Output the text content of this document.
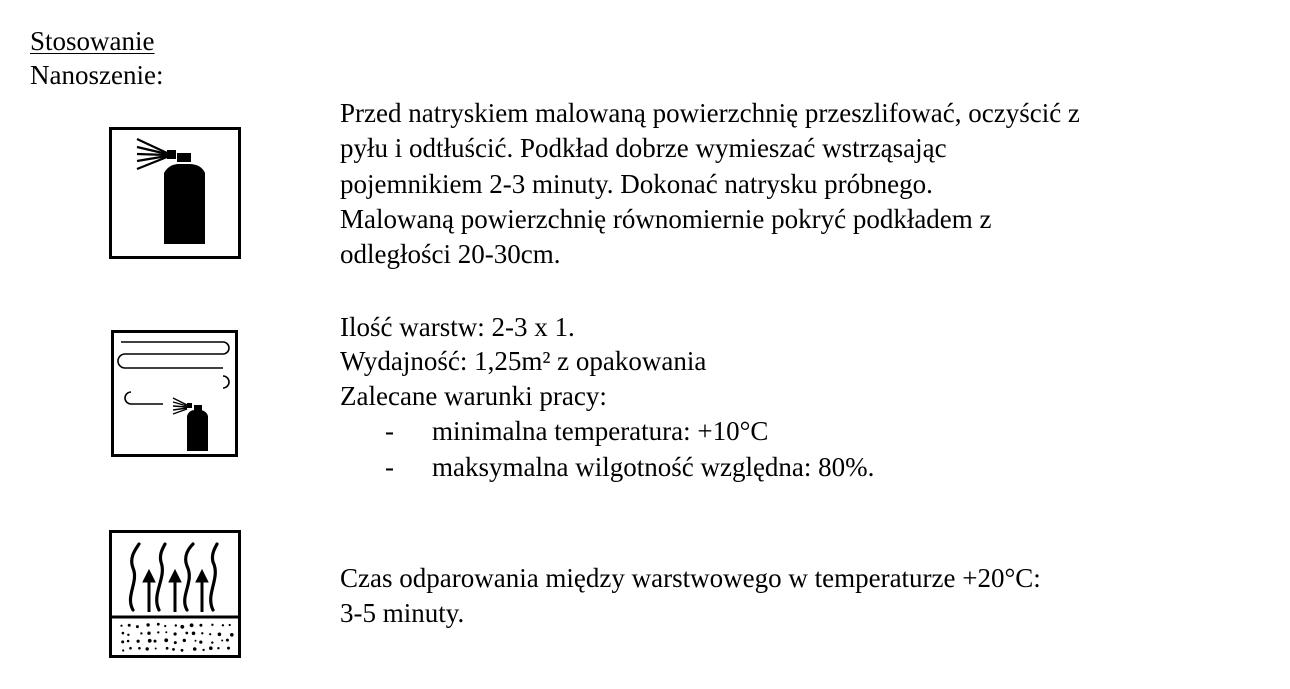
Stosowanie
Nanoszenie:
Przed natryskiem malowaną powierzchnię przeszlifować, oczyścić z
pyłu i odtłuścić. Podkład dobrze wymieszać wstrząsając
pojemnikiem 2-3 minuty. Dokonać natrysku próbnego.
Malowaną powierzchnię równomiernie pokryć podkładem z
odległości 20-30cm.
Ilość warstw: 2-3 x 1.
Wydajność: 1,25m² z opakowania
Zalecane warunki pracy:
- minimalna temperatura: +10°C
- maksymalna wilgotność względna: 80%.
Czas odparowania między warstwowego w temperaturze +20°C:
3-5 minuty.
